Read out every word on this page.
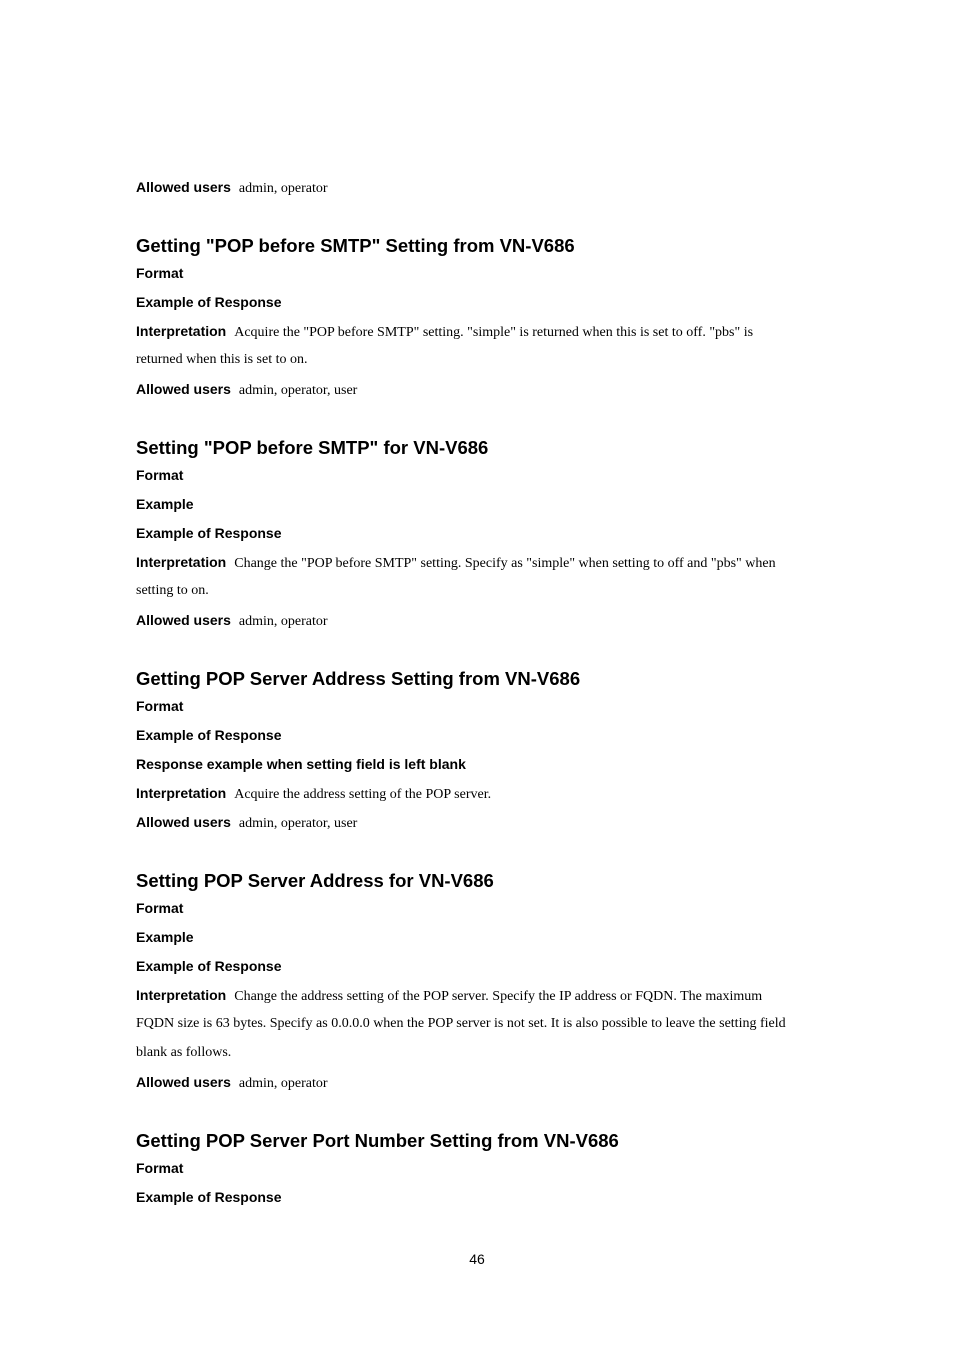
Allowed users admin, operator
Getting "POP before SMTP" Setting from VN-V686
Format
Example of Response
Interpretation Acquire the "POP before SMTP" setting. "simple" is returned when this is set to off. "pbs" is
returned when this is set to on.
Allowed users admin, operator, user
Setting "POP before SMTP" for VN-V686
Format
Example
Example of Response
Interpretation Change the "POP before SMTP" setting. Specify as "simple" when setting to off and "pbs" when
setting to on.
Allowed users admin, operator
Getting POP Server Address Setting from VN-V686
Format
Example of Response
Response example when setting field is left blank
Interpretation Acquire the address setting of the POP server.
Allowed users admin, operator, user
Setting POP Server Address for VN-V686
Format
Example
Example of Response
Interpretation Change the address setting of the POP server. Specify the IP address or FQDN. The maximum
FQDN size is 63 bytes. Specify as 0.0.0.0 when the POP server is not set. It is also possible to leave the setting field
blank as follows.
Allowed users admin, operator
Getting POP Server Port Number Setting from VN-V686
Format
Example of Response
46
